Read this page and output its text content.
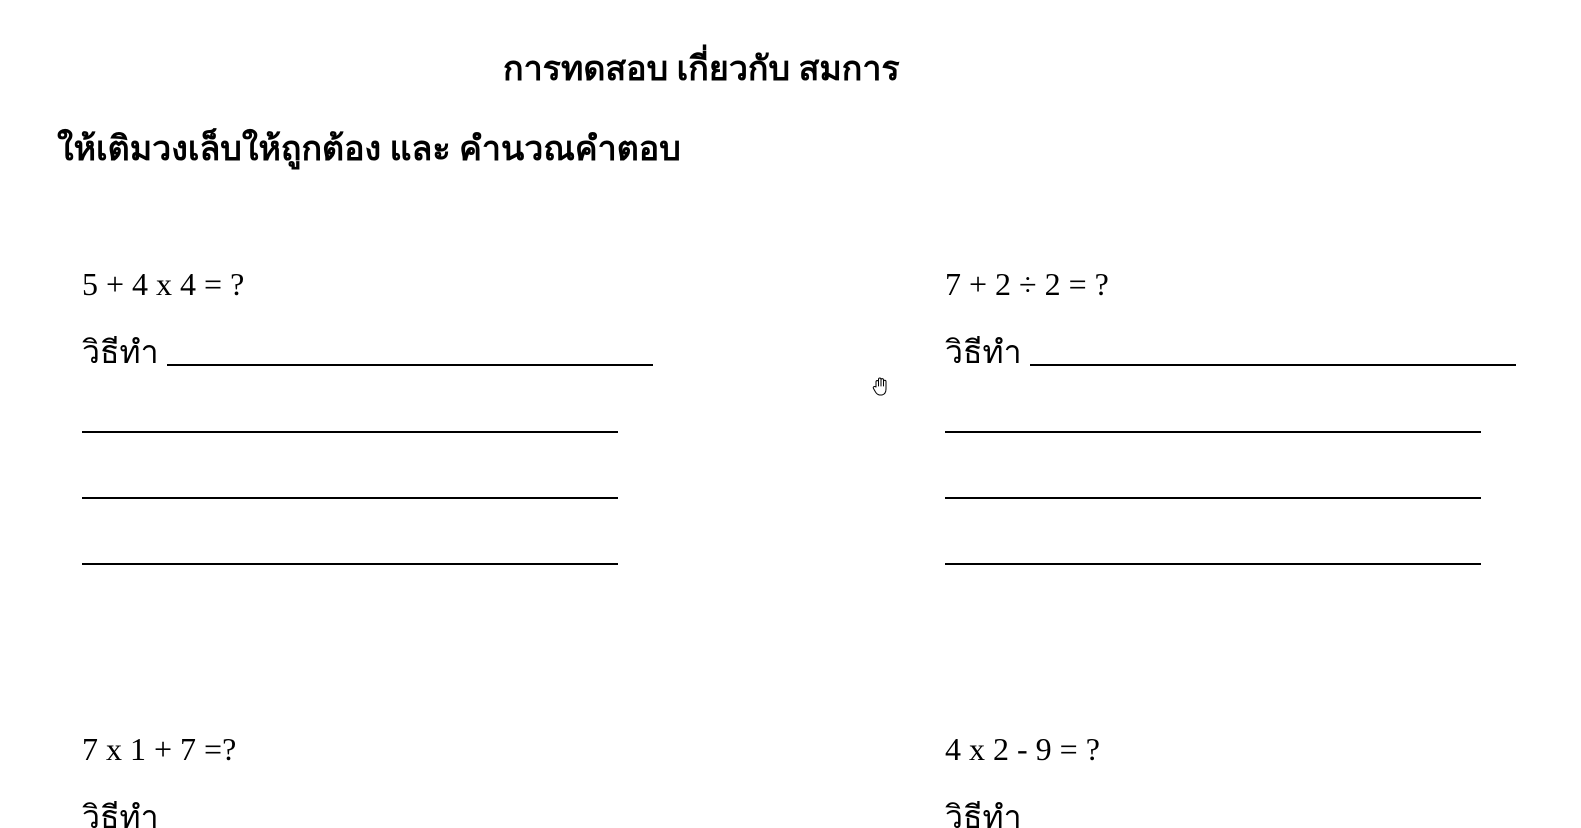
การทดสอบ เกี่ยวกับ สมการ
ให้เติมวงเล็บให้ถูกต้อง และ คำนวณคำตอบ
5 + 4 x 4 = ?
วิธีทำ
7 + 2 ÷ 2 = ?
วิธีทำ
7 x 1 + 7 =?
วิธีทำ
4 x 2 - 9 = ?
วิธีทำ
